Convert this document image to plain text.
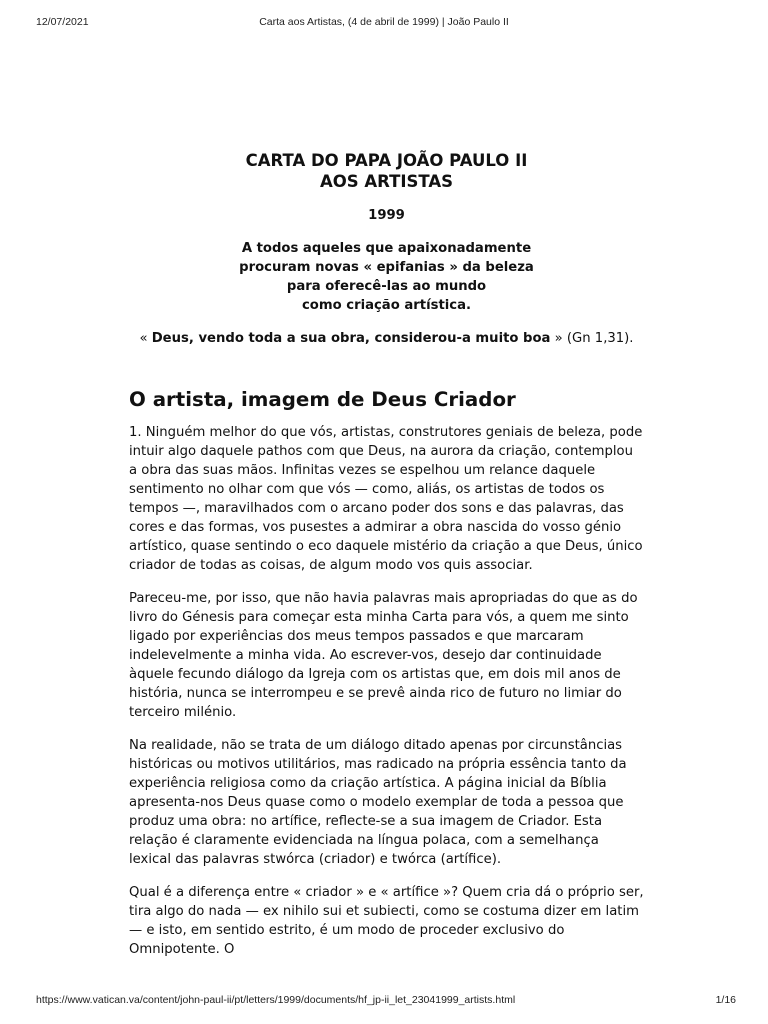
12/07/2021	Carta aos Artistas, (4 de abril de 1999) | João Paulo II
CARTA DO PAPA JOÃO PAULO II
AOS ARTISTAS

1999

A todos aqueles que apaixonadamente
procuram novas « epifanias » da beleza
para oferecê-las ao mundo
como criação artística.

« Deus, vendo toda a sua obra, considerou-a muito boa » (Gn 1,31).

O artista, imagem de Deus Criador

1. Ninguém melhor do que vós, artistas, construtores geniais de beleza, pode intuir algo daquele pathos com que Deus, na aurora da criação, contemplou a obra das suas mãos. Infinitas vezes se espelhou um relance daquele sentimento no olhar com que vós — como, aliás, os artistas de todos os tempos —, maravilhados com o arcano poder dos sons e das palavras, das cores e das formas, vos pusestes a admirar a obra nascida do vosso génio artístico, quase sentindo o eco daquele mistério da criação a que Deus, único criador de todas as coisas, de algum modo vos quis associar.

Pareceu-me, por isso, que não havia palavras mais apropriadas do que as do livro do Génesis para começar esta minha Carta para vós, a quem me sinto ligado por experiências dos meus tempos passados e que marcaram indelevelmente a minha vida. Ao escrever-vos, desejo dar continuidade àquele fecundo diálogo da Igreja com os artistas que, em dois mil anos de história, nunca se interrompeu e se prevê ainda rico de futuro no limiar do terceiro milénio.

Na realidade, não se trata de um diálogo ditado apenas por circunstâncias históricas ou motivos utilitários, mas radicado na própria essência tanto da experiência religiosa como da criação artística. A página inicial da Bíblia apresenta-nos Deus quase como o modelo exemplar de toda a pessoa que produz uma obra: no artífice, reflecte-se a sua imagem de Criador. Esta relação é claramente evidenciada na língua polaca, com a semelhança lexical das palavras stwórca (criador) e twórca (artífice).

Qual é a diferença entre « criador » e « artífice »? Quem cria dá o próprio ser, tira algo do nada — ex nihilo sui et subiecti, como se costuma dizer em latim — e isto, em sentido estrito, é um modo de proceder exclusivo do Omnipotente. O

https://www.vatican.va/content/john-paul-ii/pt/letters/1999/documents/hf_jp-ii_let_23041999_artists.html	1/16
